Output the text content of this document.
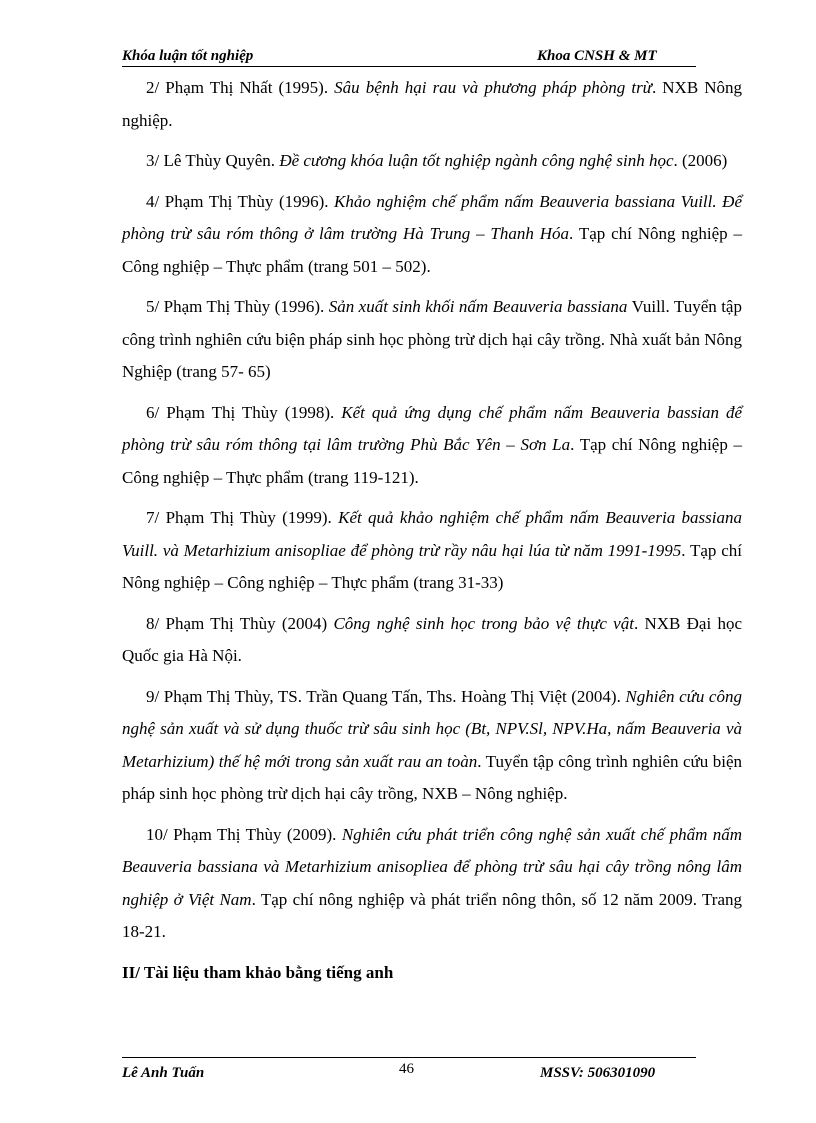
Khóa luận tốt nghiệp	Khoa CNSH & MT

2/ Phạm Thị Nhất (1995). Sâu bệnh hại rau và phương pháp phòng trừ. NXB Nông nghiệp.

3/ Lê Thùy Quyên. Đề cương khóa luận tốt nghiệp ngành công nghệ sinh học. (2006)

4/ Phạm Thị Thùy (1996). Khảo nghiệm chế phẩm nấm Beauveria bassiana Vuill. Để phòng trừ sâu róm thông ở lâm trường Hà Trung – Thanh Hóa. Tạp chí Nông nghiệp – Công nghiệp – Thực phẩm (trang 501 – 502).

5/ Phạm Thị Thùy (1996). Sản xuất sinh khối nấm Beauveria bassiana Vuill. Tuyển tập công trình nghiên cứu biện pháp sinh học phòng trừ dịch hại cây trồng. Nhà xuất bản Nông Nghiệp (trang 57- 65)

6/ Phạm Thị Thùy (1998). Kết quả ứng dụng chế phẩm nấm Beauveria bassian để phòng trừ sâu róm thông tại lâm trường Phù Bắc Yên – Sơn La. Tạp chí Nông nghiệp – Công nghiệp – Thực phẩm (trang 119-121).

7/ Phạm Thị Thùy (1999). Kết quả khảo nghiệm chế phẩm nấm Beauveria bassiana Vuill. và Metarhizium anisopliae để phòng trừ rầy nâu hại lúa từ năm 1991-1995. Tạp chí Nông nghiệp – Công nghiệp – Thực phẩm (trang 31-33)

8/ Phạm Thị Thùy (2004) Công nghệ sinh học trong bảo vệ thực vật. NXB Đại học Quốc gia Hà Nội.

9/ Phạm Thị Thùy, TS. Trần Quang Tấn, Ths. Hoàng Thị Việt (2004). Nghiên cứu công nghệ sản xuất và sử dụng thuốc trừ sâu sinh học (Bt, NPV.Sl, NPV.Ha, nấm Beauveria và Metarhizium) thế hệ mới trong sản xuất rau an toàn. Tuyển tập công trình nghiên cứu biện pháp sinh học phòng trừ dịch hại cây trồng, NXB – Nông nghiệp.

10/ Phạm Thị Thùy (2009). Nghiên cứu phát triển công nghệ sản xuất chế phẩm nấm Beauveria bassiana và Metarhizium anisopliea để phòng trừ sâu hại cây trồng nông lâm nghiệp ở Việt Nam. Tạp chí nông nghiệp và phát triển nông thôn, số 12 năm 2009. Trang 18-21.

II/ Tài liệu tham khảo bằng tiếng anh

Lê Anh Tuấn	46	MSSV: 506301090
